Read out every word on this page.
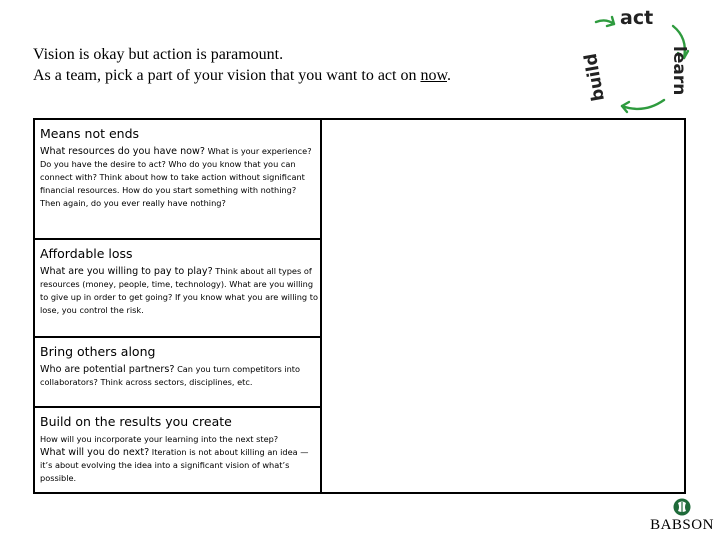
Vision is okay but action is paramount.
As a team, pick a part of your vision that you want to act on now.
act
learn
build
Means not ends
What resources do you have now? What is your experience? Do you have the desire to act? Who do you know that you can connect with? Think about how to take action without significant financial resources. How do you start something with nothing? Then again, do you ever really have nothing?
Affordable loss
What are you willing to pay to play? Think about all types of resources (money, people, time, technology). What are you willing to give up in order to get going? If you know what you are willing to lose, you control the risk.
Bring others along
Who are potential partners? Can you turn competitors into collaborators? Think across sectors, disciplines, etc.
Build on the results you create
How will you incorporate your learning into the next step?
What will you do next? Iteration is not about killing an idea —it’s about evolving the idea into a significant vision of what’s possible.
BABSON
